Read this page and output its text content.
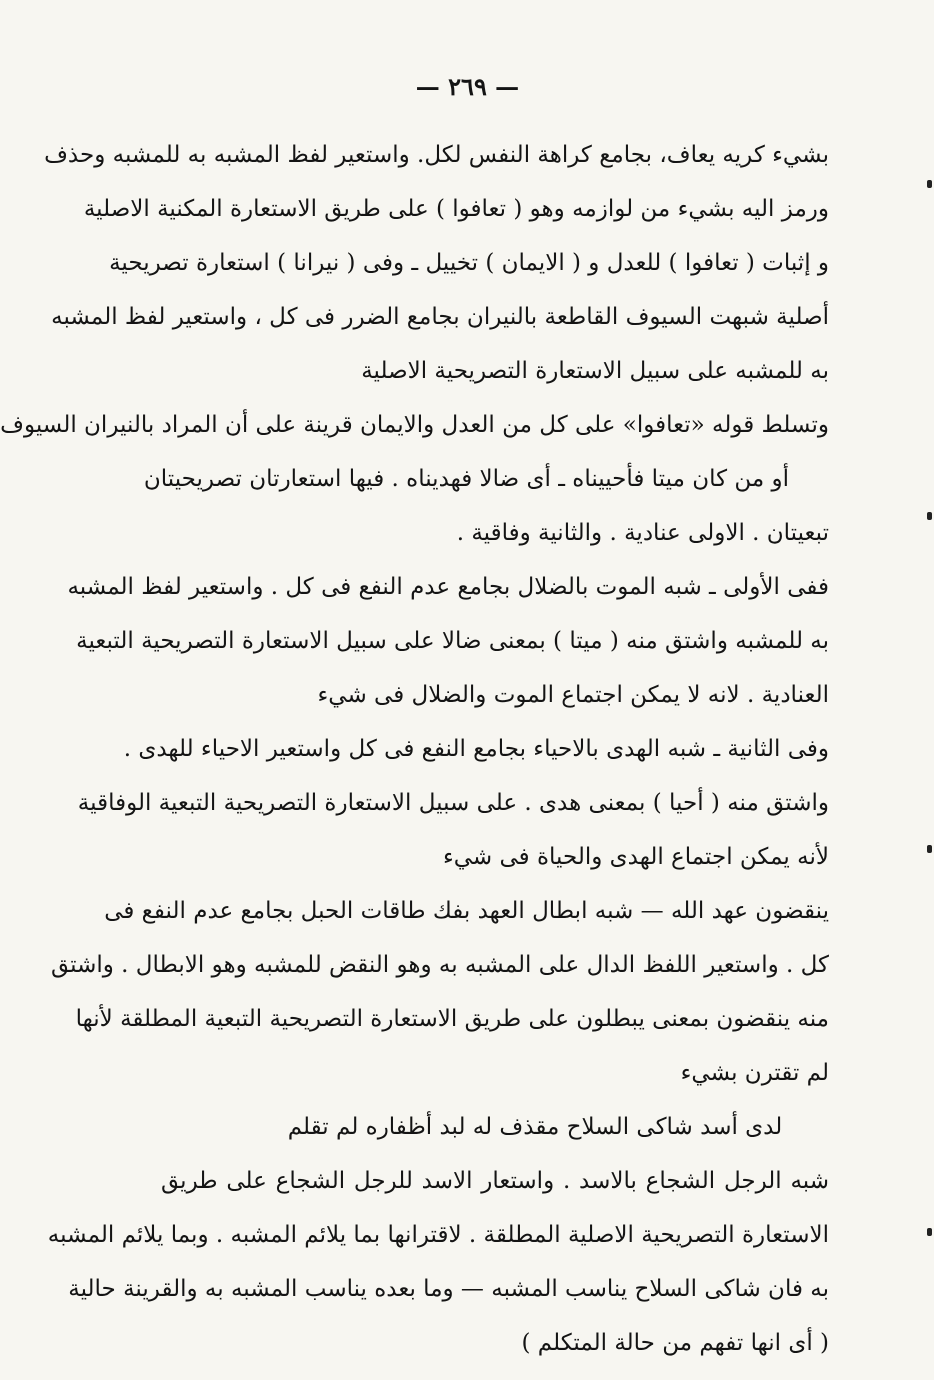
— ٢٦٩ —
بشيء كريه يعاف، بجامع كراهة النفس لكل. واستعير لفظ المشبه به للمشبه وحذف
ورمز اليه بشيء من لوازمه وهو ( تعافوا ) على طريق الاستعارة المكنية الاصلية
و إثبات ( تعافوا ) للعدل و ( الايمان ) تخييل ـ وفى ( نيرانا ) استعارة تصريحية
أصلية شبهت السيوف القاطعة بالنيران بجامع الضرر فى كل ، واستعير لفظ المشبه
به للمشبه على سبيل الاستعارة التصريحية الاصلية
وتسلط قوله «تعافوا» على كل من العدل والايمان قرينة على أن المراد بالنيران السيوف
أو من كان ميتا فأحييناه ـ أى ضالا فهديناه . فيها استعارتان تصريحيتان
تبعيتان . الاولى عنادية . والثانية وفاقية .
ففى الأولى ـ شبه الموت بالضلال بجامع عدم النفع فى كل . واستعير لفظ المشبه
به للمشبه واشتق منه ( ميتا ) بمعنى ضالا على سبيل الاستعارة التصريحية التبعية
العنادية . لانه لا يمكن اجتماع الموت والضلال فى شيء
وفى الثانية ـ شبه الهدى بالاحياء بجامع النفع فى كل واستعير الاحياء للهدى .
واشتق منه ( أحيا ) بمعنى هدى . على سبيل الاستعارة التصريحية التبعية الوفاقية
لأنه يمكن اجتماع الهدى والحياة فى شيء
ينقضون عهد الله — شبه ابطال العهد بفك طاقات الحبل بجامع عدم النفع فى
كل . واستعير اللفظ الدال على المشبه به وهو النقض للمشبه وهو الابطال . واشتق
منه ينقضون بمعنى يبطلون على طريق الاستعارة التصريحية التبعية المطلقة لأنها
لم تقترن بشيء
لدى أسد شاكى السلاح مقذف له لبد أظفاره لم تقلم
شبه الرجل الشجاع بالاسد . واستعار الاسد للرجل الشجاع على طريق
الاستعارة التصريحية الاصلية المطلقة . لاقترانها بما يلائم المشبه . وبما يلائم المشبه
به فان شاكى السلاح يناسب المشبه — وما بعده يناسب المشبه به والقرينة حالية
( أى انها تفهم من حالة المتكلم )
